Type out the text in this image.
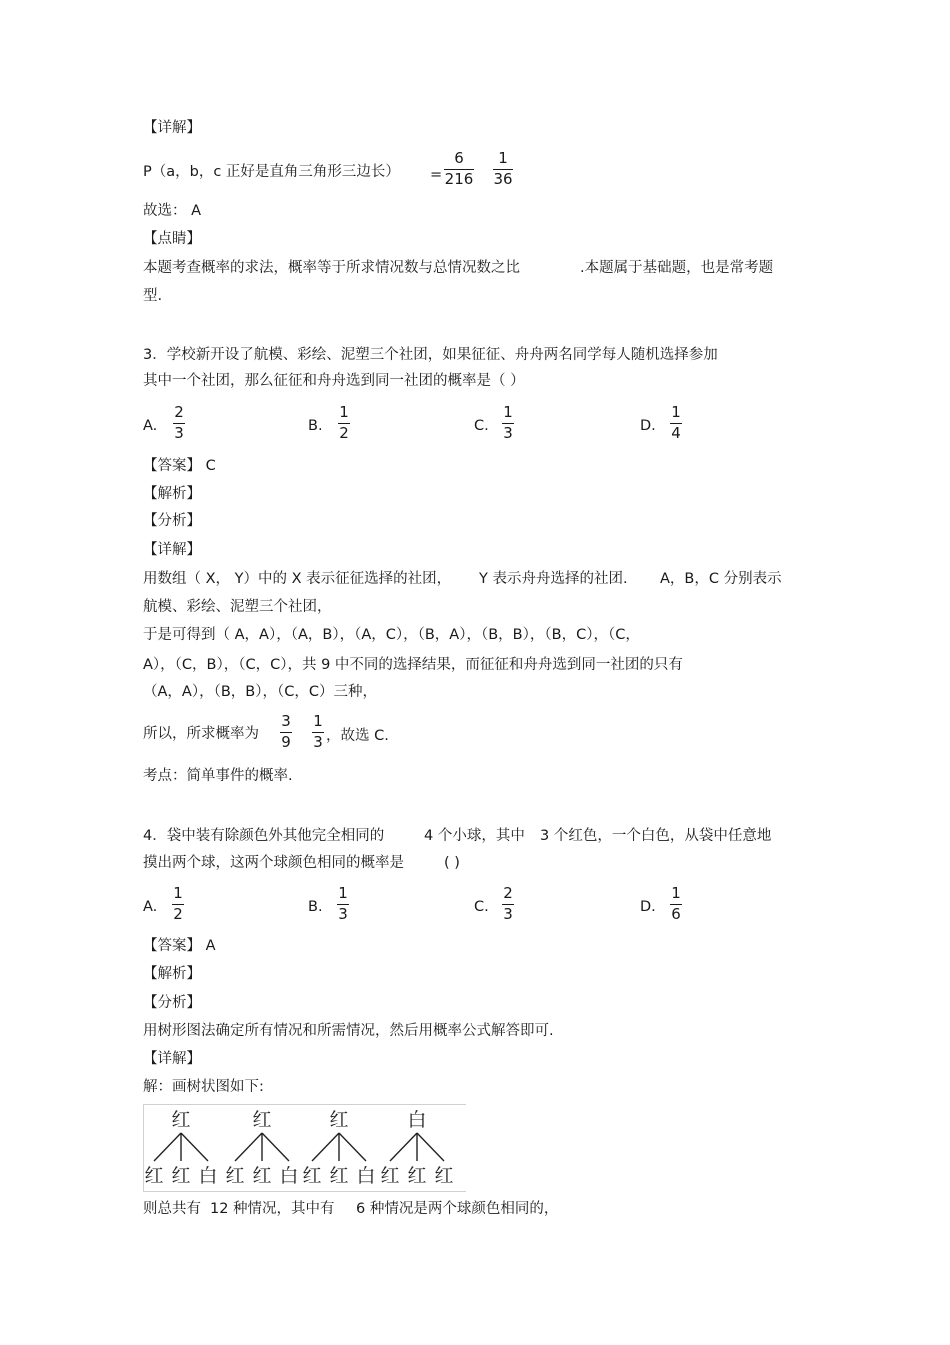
【详解】
P（a，b，c 正好是直角三角形三边长） =
6
216
1
36
故选： A
【点睛】
本题考查概率的求法，概率等于所求情况数与总情况数之比	.本题属于基础题，也是常考题
型.
3．学校新开设了航模、彩绘、泥塑三个社团，如果征征、舟舟两名同学每人随机选择参加
其中一个社团，那么征征和舟舟选到同一社团的概率是（ ）
A.
2
3	B.
1
2	C.
1
3	D.
1
4
【答案】 C
【解析】
【分析】
【详解】
用数组（ X， Y）中的 X 表示征征选择的社团， Y 表示舟舟选择的社团. A，B，C 分别表示
航模、彩绘、泥塑三个社团，
于是可得到（ A，A），（A，B），（A，C），（B，A），（B，B），（B，C），（C，
A），（C，B），（C，C），共 9 中不同的选择结果，而征征和舟舟选到同一社团的只有
（A，A），（B，B），（C，C）三种，
所以，所求概率为
3
9
1
3 ，故选 C.
考点：简单事件的概率.
4．袋中装有除颜色外其他完全相同的	4 个小球，其中 3 个红色，一个白色，从袋中任意地
摸出两个球，这两个球颜色相同的概率是	( )
A.
1
2	B.
1
3	C.
2
3	D.
1
6
【答案】 A
【解析】
【分析】
用树形图法确定所有情况和所需情况，然后用概率公式解答即可.
【详解】
解：画树状图如下:
红
红 红 白
红
红 红 白
红
红 红 白
白
红 红 红
则总共有 12 种情况，其中有 6 种情况是两个球颜色相同的，
